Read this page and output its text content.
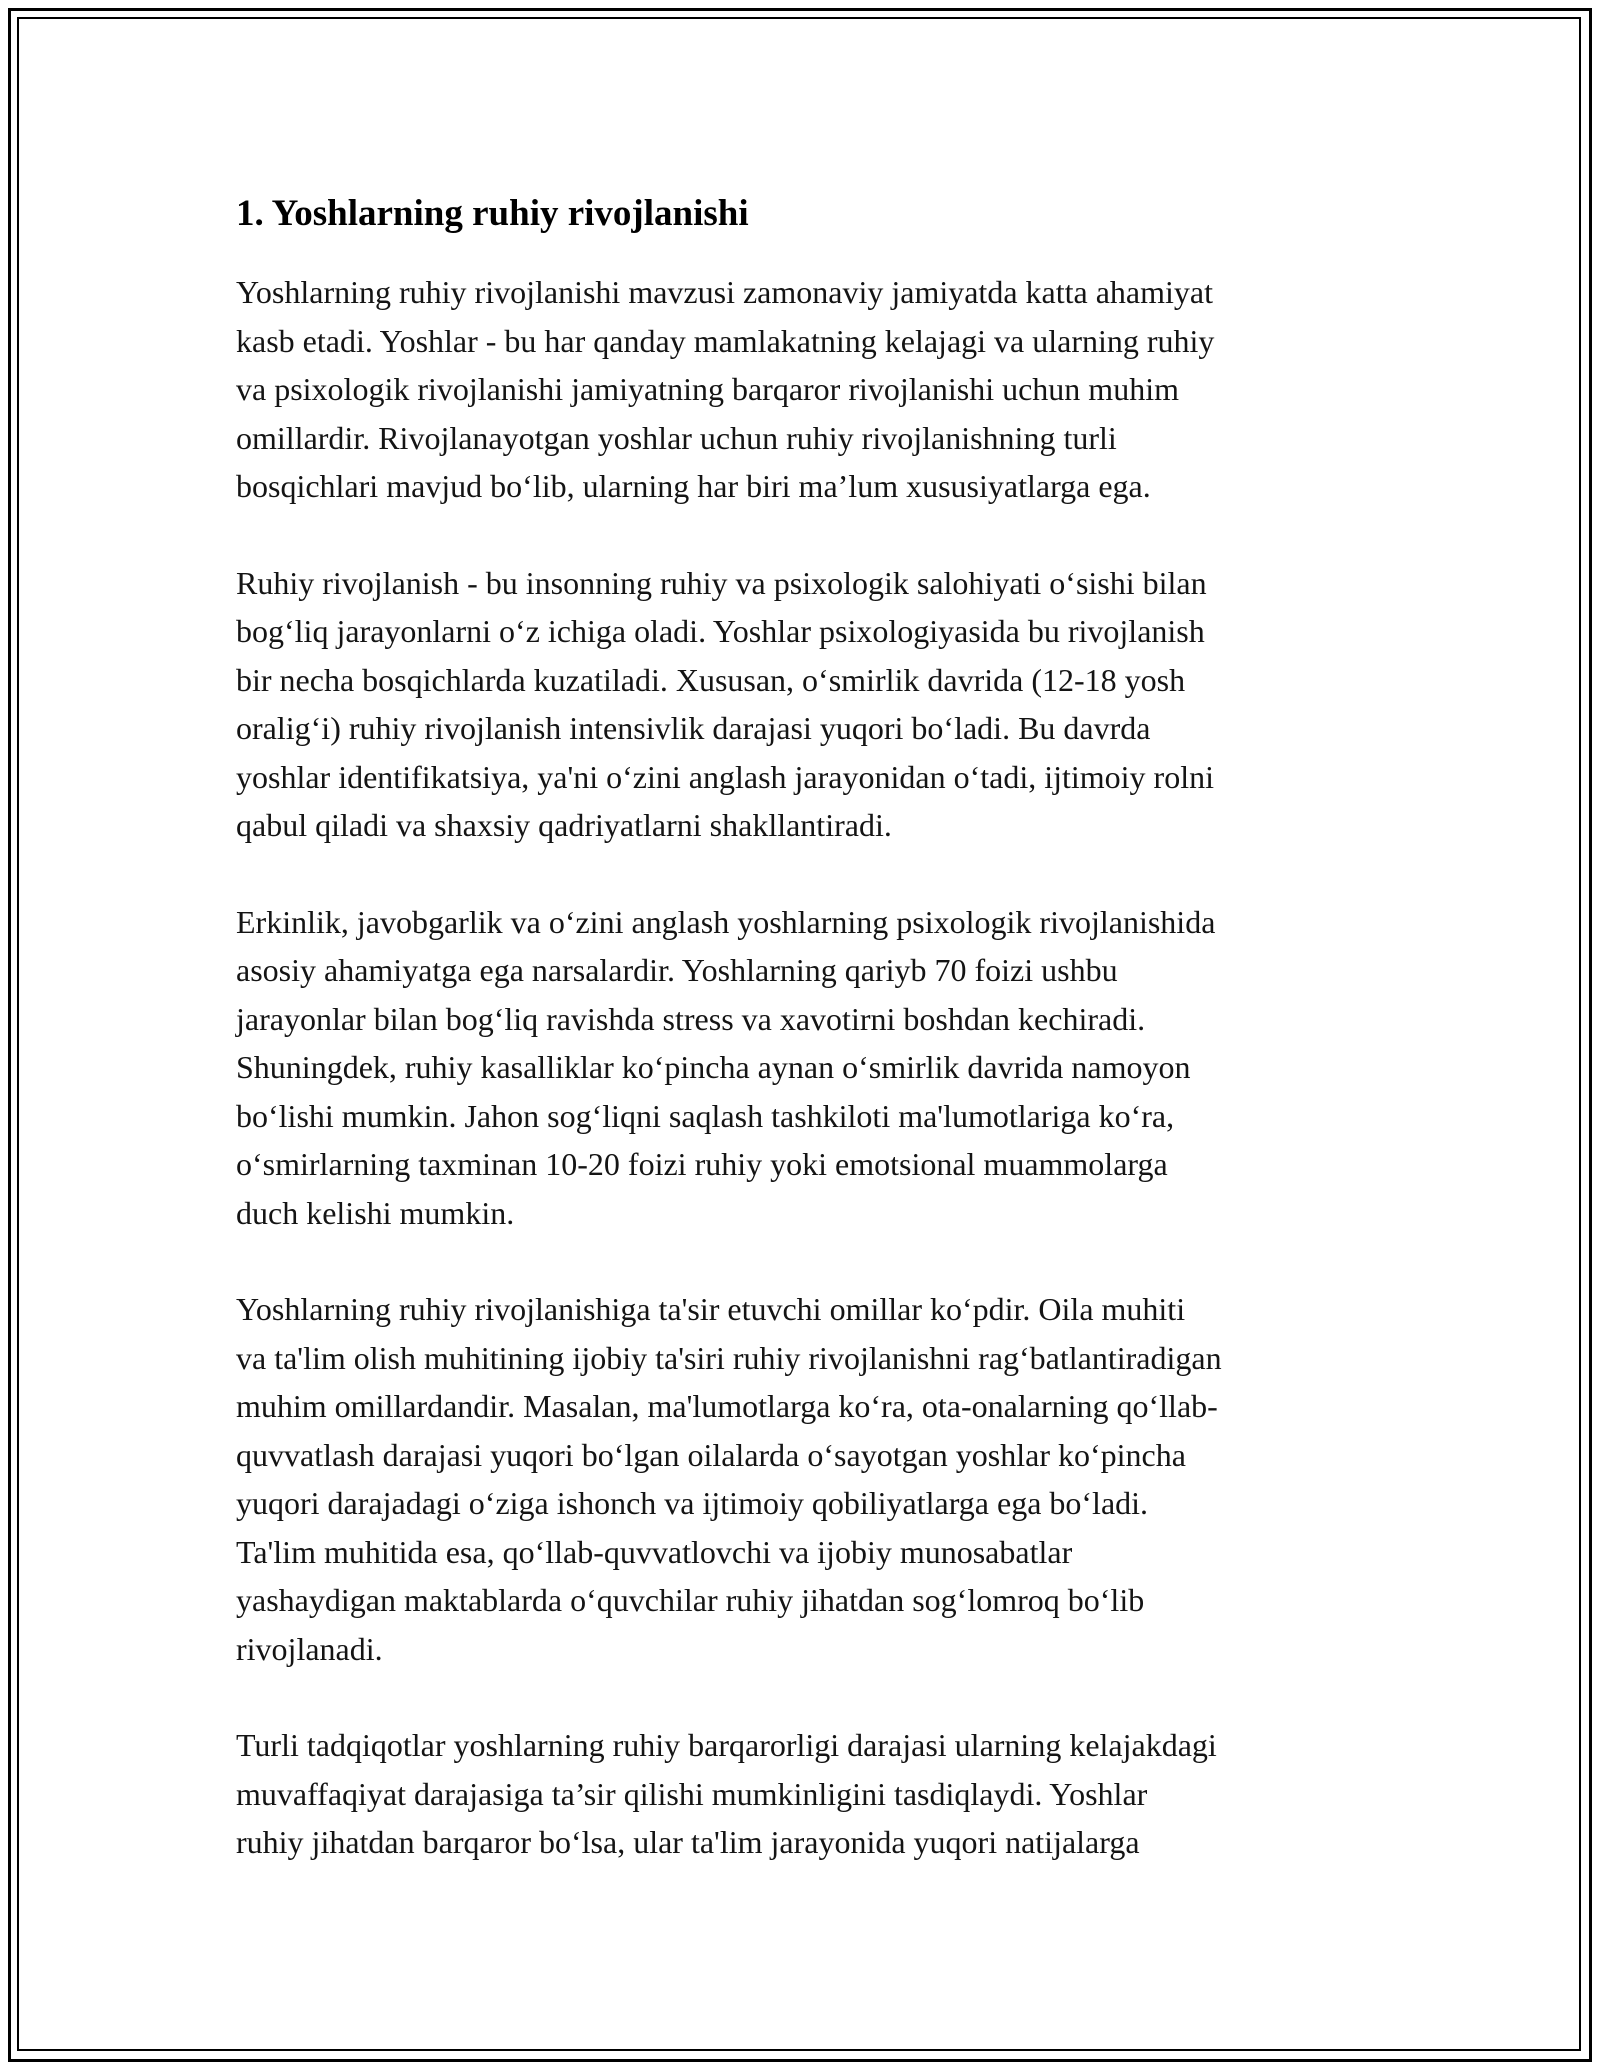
1. Yoshlarning ruhiy rivojlanishi

Yoshlarning ruhiy rivojlanishi mavzusi zamonaviy jamiyatda katta ahamiyat
kasb etadi. Yoshlar - bu har qanday mamlakatning kelajagi va ularning ruhiy
va psixologik rivojlanishi jamiyatning barqaror rivojlanishi uchun muhim
omillardir. Rivojlanayotgan yoshlar uchun ruhiy rivojlanishning turli
bosqichlari mavjud bo‘lib, ularning har biri ma’lum xususiyatlarga ega.

Ruhiy rivojlanish - bu insonning ruhiy va psixologik salohiyati o‘sishi bilan
bog‘liq jarayonlarni o‘z ichiga oladi. Yoshlar psixologiyasida bu rivojlanish
bir necha bosqichlarda kuzatiladi. Xususan, o‘smirlik davrida (12-18 yosh
oralig‘i) ruhiy rivojlanish intensivlik darajasi yuqori bo‘ladi. Bu davrda
yoshlar identifikatsiya, ya'ni o‘zini anglash jarayonidan o‘tadi, ijtimoiy rolni
qabul qiladi va shaxsiy qadriyatlarni shakllantiradi.

Erkinlik, javobgarlik va o‘zini anglash yoshlarning psixologik rivojlanishida
asosiy ahamiyatga ega narsalardir. Yoshlarning qariyb 70 foizi ushbu
jarayonlar bilan bog‘liq ravishda stress va xavotirni boshdan kechiradi.
Shuningdek, ruhiy kasalliklar ko‘pincha aynan o‘smirlik davrida namoyon
bo‘lishi mumkin. Jahon sog‘liqni saqlash tashkiloti ma'lumotlariga ko‘ra,
o‘smirlarning taxminan 10-20 foizi ruhiy yoki emotsional muammolarga
duch kelishi mumkin.

Yoshlarning ruhiy rivojlanishiga ta'sir etuvchi omillar ko‘pdir. Oila muhiti
va ta'lim olish muhitining ijobiy ta'siri ruhiy rivojlanishni rag‘batlantiradigan
muhim omillardandir. Masalan, ma'lumotlarga ko‘ra, ota-onalarning qo‘llab-
quvvatlash darajasi yuqori bo‘lgan oilalarda o‘sayotgan yoshlar ko‘pincha
yuqori darajadagi o‘ziga ishonch va ijtimoiy qobiliyatlarga ega bo‘ladi.
Ta'lim muhitida esa, qo‘llab-quvvatlovchi va ijobiy munosabatlar
yashaydigan maktablarda o‘quvchilar ruhiy jihatdan sog‘lomroq bo‘lib
rivojlanadi.

Turli tadqiqotlar yoshlarning ruhiy barqarorligi darajasi ularning kelajakdagi
muvaffaqiyat darajasiga ta’sir qilishi mumkinligini tasdiqlaydi. Yoshlar
ruhiy jihatdan barqaror bo‘lsa, ular ta'lim jarayonida yuqori natijalarga
